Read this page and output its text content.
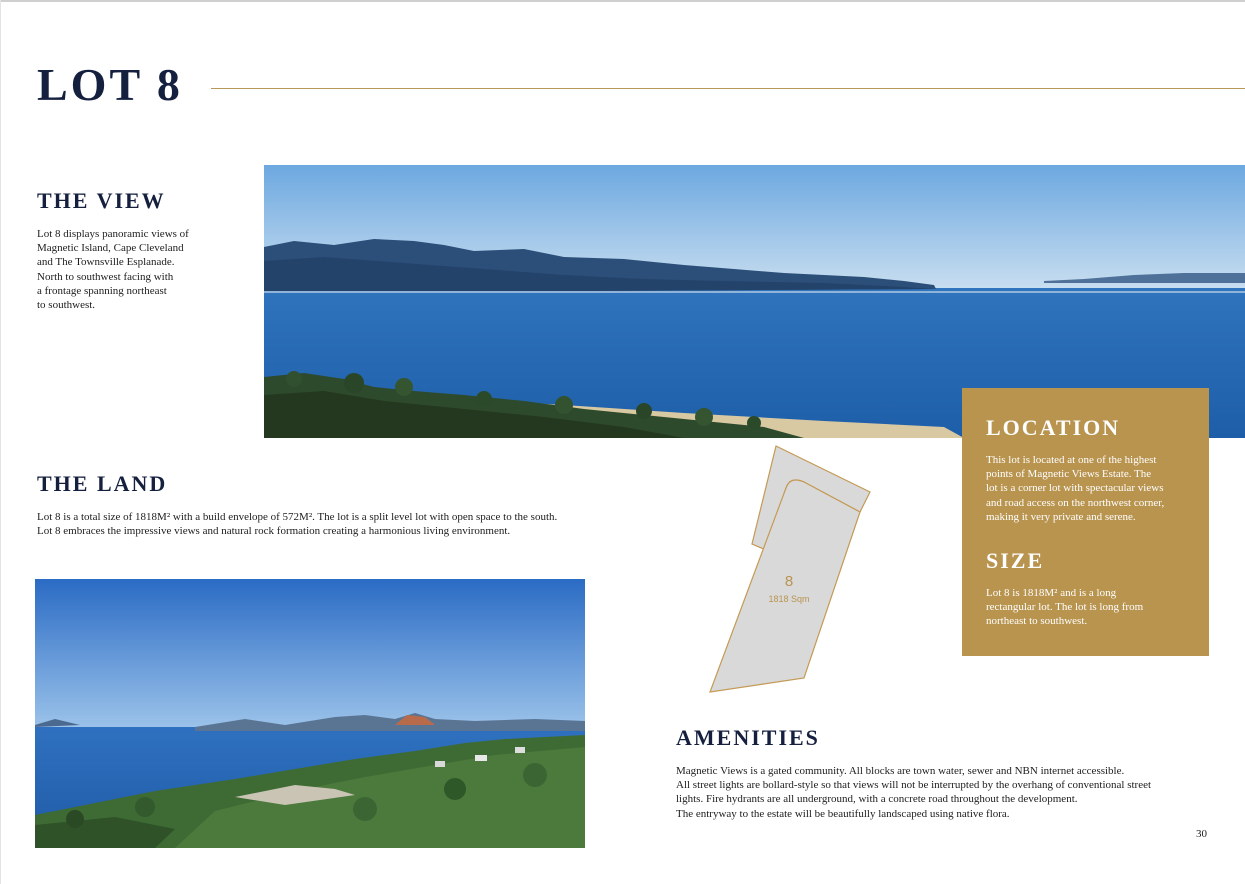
LOT 8
THE VIEW
Lot 8 displays panoramic views of
Magnetic Island, Cape Cleveland
and The Townsville Esplanade.
North to southwest facing with
a frontage spanning northeast
to southwest.
THE LAND
Lot 8 is a total size of 1818M² with a build envelope of 572M². The lot is a split level lot with open space to the south.
Lot 8 embraces the impressive views and natural rock formation creating a harmonious living environment.
8
1818 Sqm
LOCATION

This lot is located at one of the highest
points of Magnetic Views Estate. The
lot is a corner lot with spectacular views
and road access on the northwest corner,
making it very private and serene.

SIZE

Lot 8 is 1818M² and is a long
rectangular lot. The lot is long from
northeast to southwest.

AMENITIES
Magnetic Views is a gated community. All blocks are town water, sewer and NBN internet accessible.
All street lights are bollard-style so that views will not be interrupted by the overhang of conventional street
lights. Fire hydrants are all underground, with a concrete road throughout the development.
The entryway to the estate will be beautifully landscaped using native flora.

30
